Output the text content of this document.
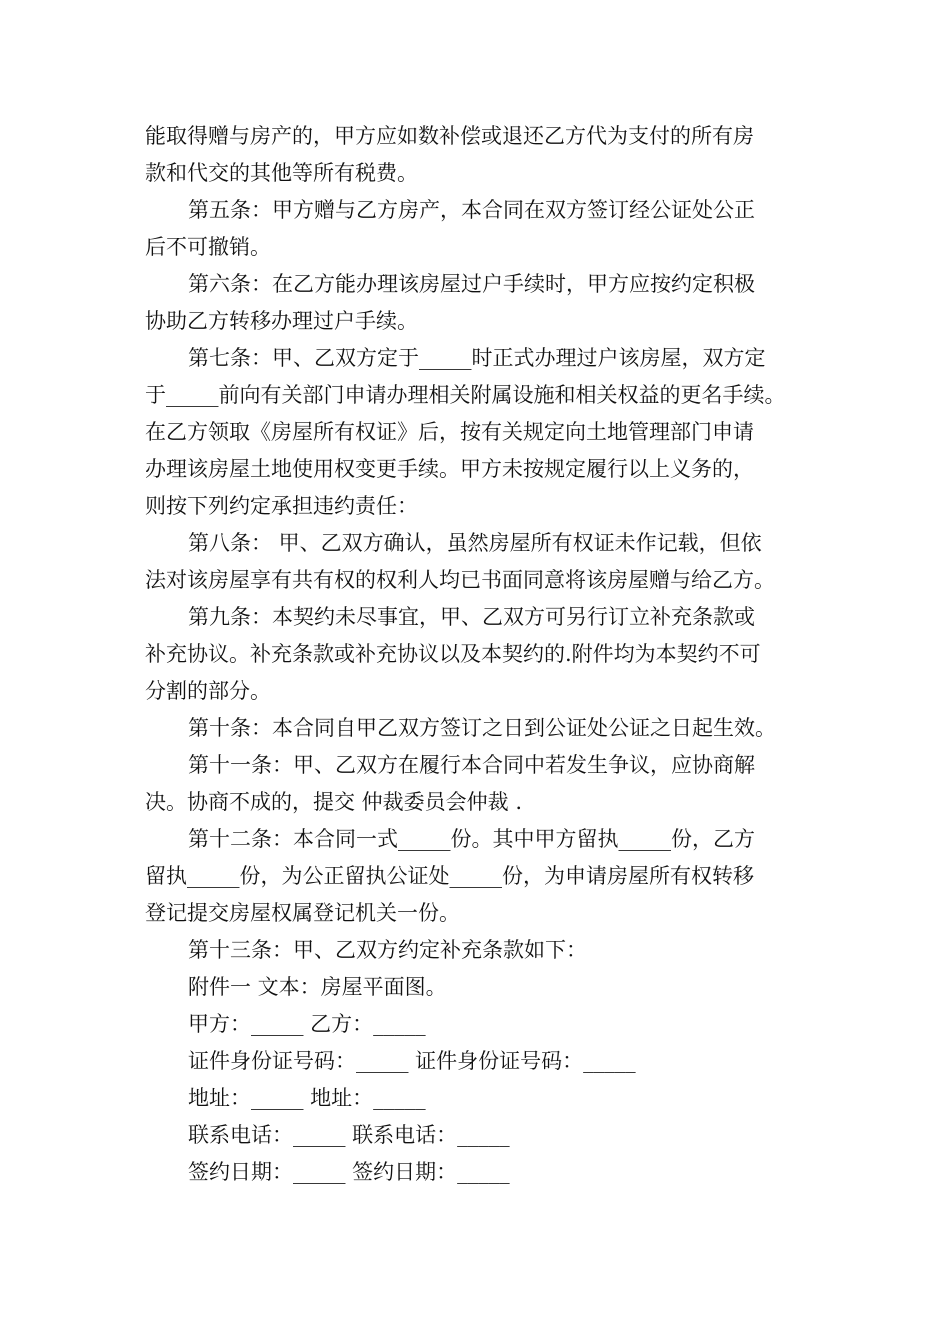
能取得赠与房产的，甲方应如数补偿或退还乙方代为支付的所有房
款和代交的其他等所有税费。
第五条：甲方赠与乙方房产，本合同在双方签订经公证处公正
后不可撤销。
第六条：在乙方能办理该房屋过户手续时，甲方应按约定积极
协助乙方转移办理过户手续。
第七条：甲、乙双方定于_____时正式办理过户该房屋，双方定
于_____前向有关部门申请办理相关附属设施和相关权益的更名手续。
在乙方领取《房屋所有权证》后，按有关规定向土地管理部门申请
办理该房屋土地使用权变更手续。甲方未按规定履行以上义务的，
则按下列约定承担违约责任：
第八条： 甲、乙双方确认，虽然房屋所有权证未作记载，但依
法对该房屋享有共有权的权利人均已书面同意将该房屋赠与给乙方。
第九条：本契约未尽事宜，甲、乙双方可另行订立补充条款或
补充协议。补充条款或补充协议以及本契约的.附件均为本契约不可
分割的部分。
第十条：本合同自甲乙双方签订之日到公证处公证之日起生效。
第十一条：甲、乙双方在履行本合同中若发生争议，应协商解
决。协商不成的，提交 仲裁委员会仲裁 .
第十二条：本合同一式_____份。其中甲方留执_____份，乙方
留执_____份，为公正留执公证处_____份，为申请房屋所有权转移
登记提交房屋权属登记机关一份。
第十三条：甲、乙双方约定补充条款如下：
附件一 文本：房屋平面图。
甲方：_____ 乙方：_____
证件身份证号码：_____ 证件身份证号码：_____
地址：_____ 地址：_____
联系电话：_____ 联系电话：_____
签约日期：_____ 签约日期：_____
